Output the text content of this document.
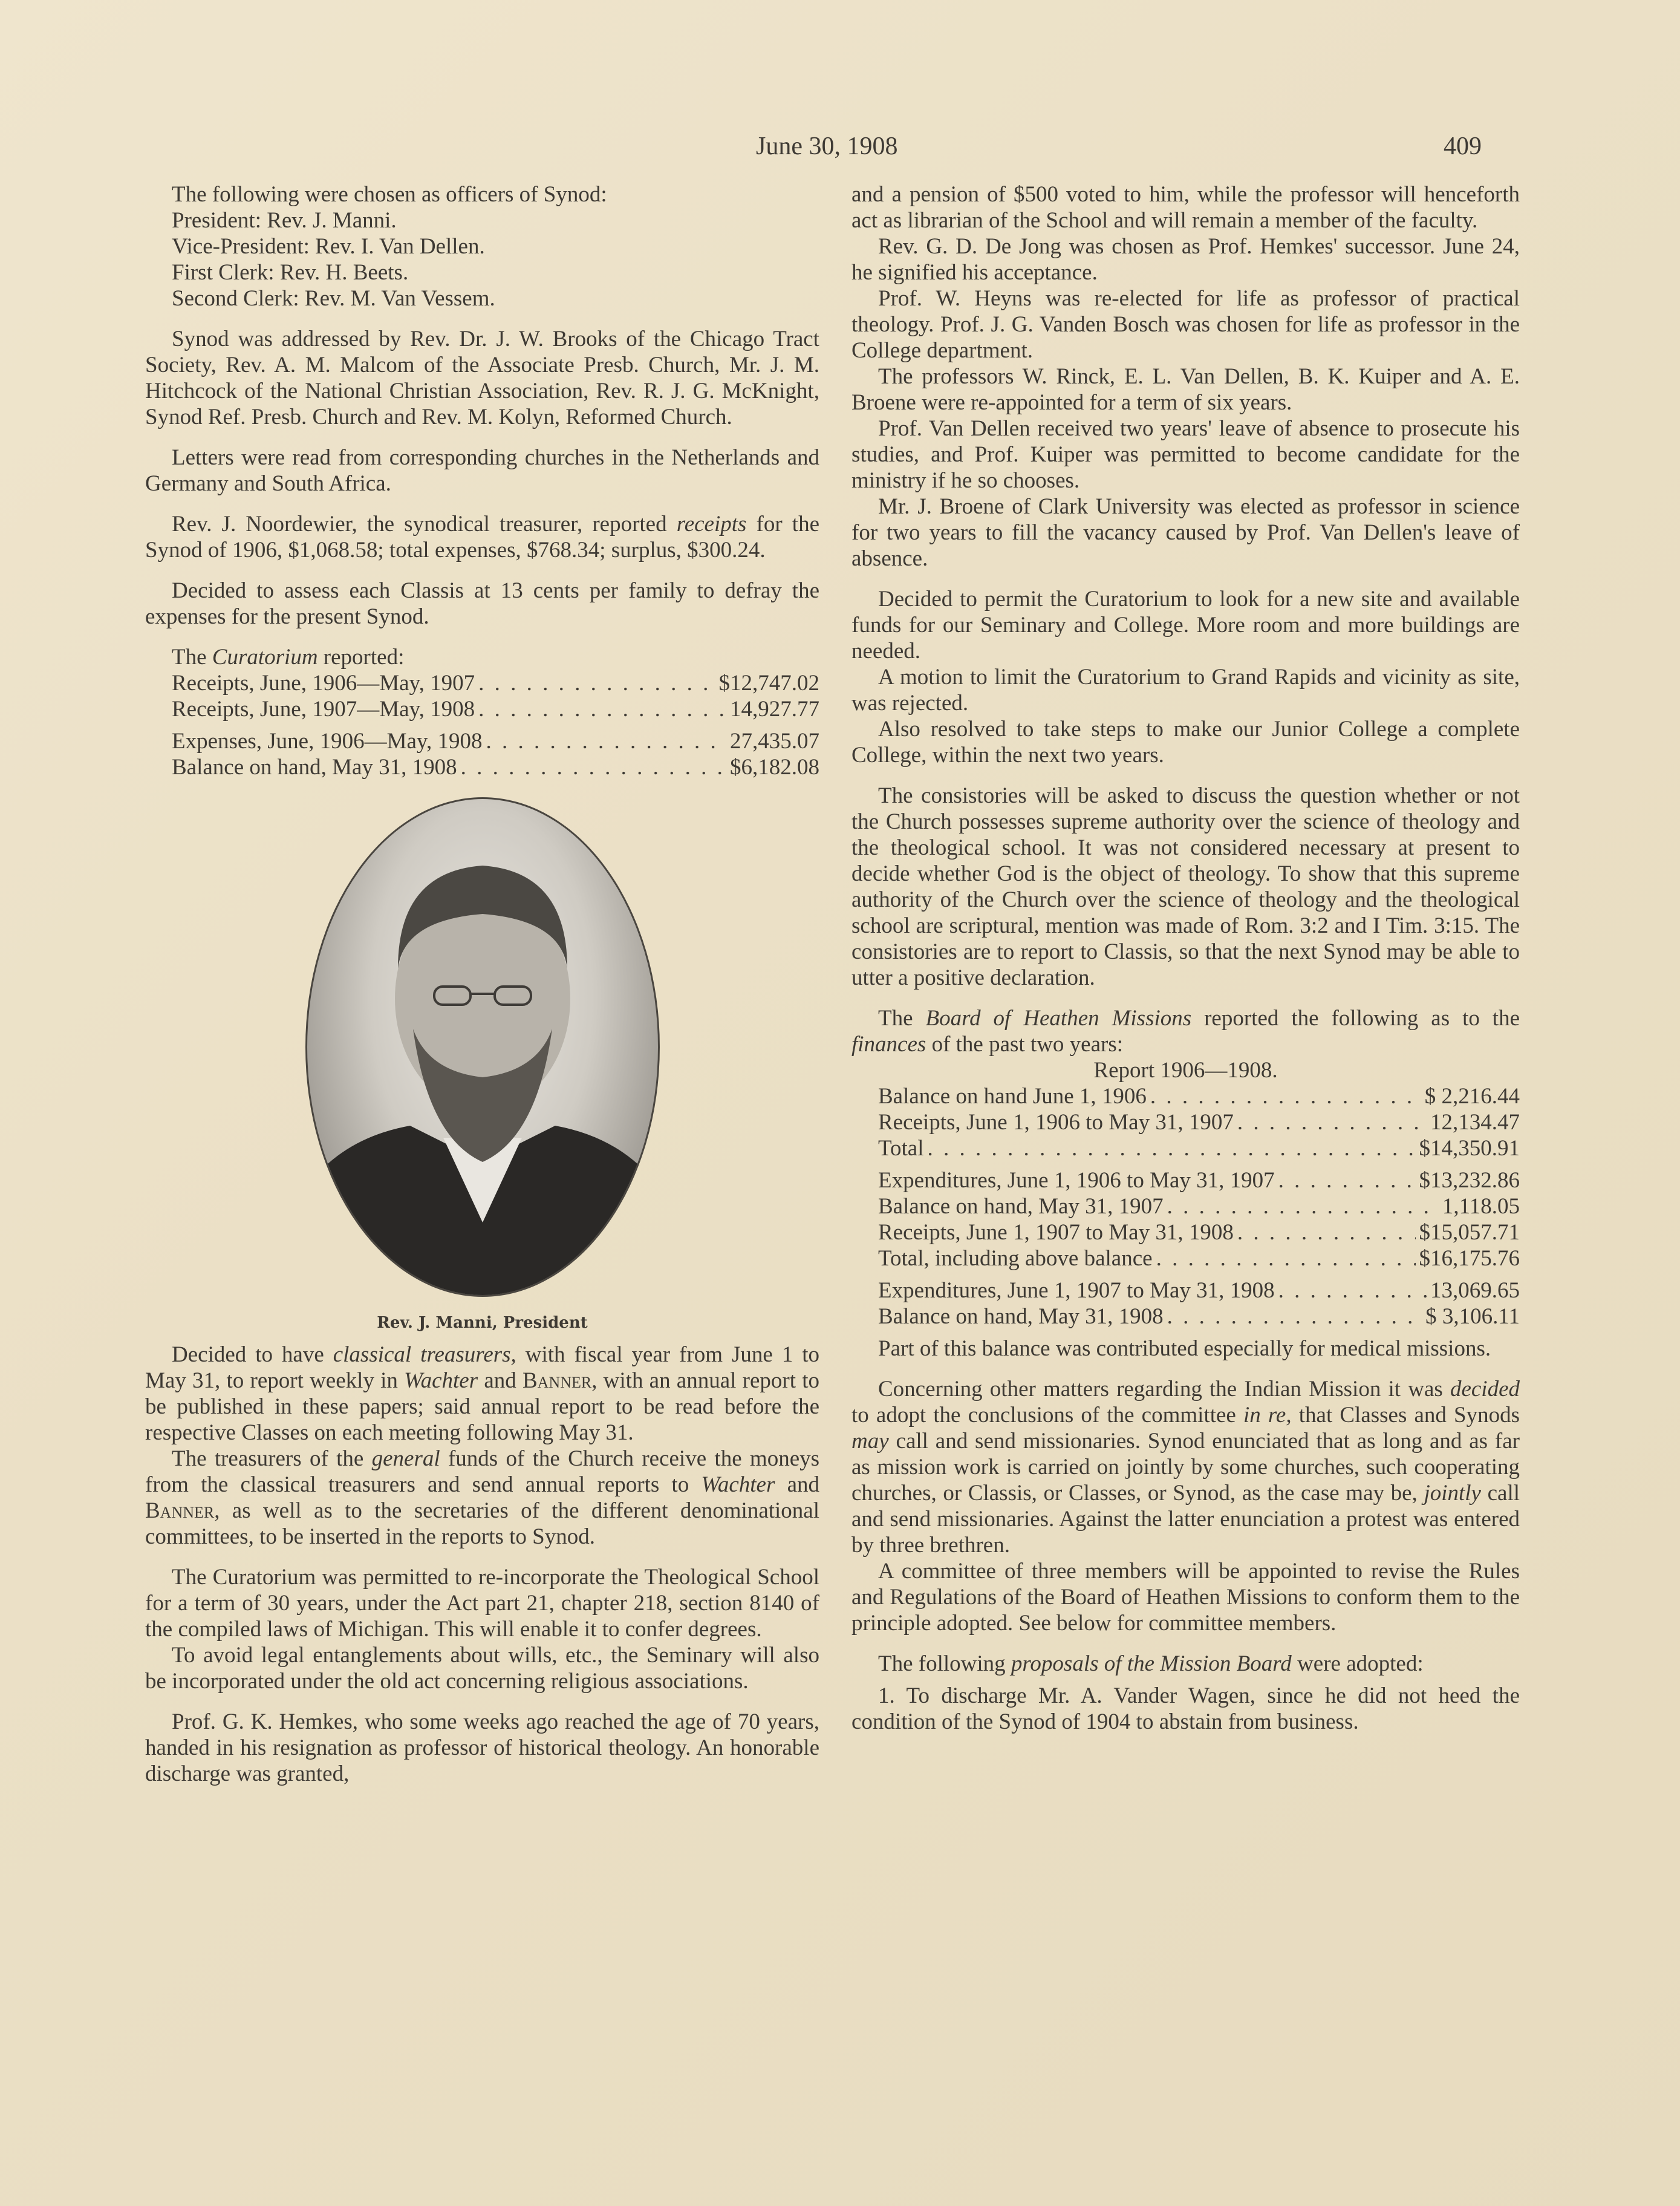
June 30, 1908	409

The following were chosen as officers of Synod:

President: Rev. J. Manni.

Vice-President: Rev. I. Van Dellen.

First Clerk: Rev. H. Beets.

Second Clerk: Rev. M. Van Vessem.

Synod was addressed by Rev. Dr. J. W. Brooks of the Chicago Tract Society, Rev. A. M. Malcom of the Associate Presb. Church, Mr. J. M. Hitchcock of the National Christian Association, Rev. R. J. G. McKnight, Synod Ref. Presb. Church and Rev. M. Kolyn, Reformed Church.

Letters were read from corresponding churches in the Netherlands and Germany and South Africa.

Rev. J. Noordewier, the synodical treasurer, reported receipts for the Synod of 1906, $1,068.58; total expenses, $768.34; surplus, $300.24.

Decided to assess each Classis at 13 cents per family to defray the expenses for the present Synod.

The Curatorium reported:

Receipts, June, 1906—May, 1907 . . .	$12,747.02
Receipts, June, 1907—May, 1908 . . .	14,927.77
Expenses, June, 1906—May, 1908 . . .	27,435.07
Balance on hand, May 31, 1908 . . .	$6,182.08
Rev. J. Manni, President

Decided to have classical treasurers, with fiscal year from June 1 to May 31, to report weekly in Wachter and Banner, with an annual report to be published in these papers; said annual report to be read before the respective Classes on each meeting following May 31.

The treasurers of the general funds of the Church receive the moneys from the classical treasurers and send annual reports to Wachter and Banner, as well as to the secretaries of the different denominational committees, to be inserted in the reports to Synod.

The Curatorium was permitted to re-incorporate the Theological School for a term of 30 years, under the Act part 21, chapter 218, section 8140 of the compiled laws of Michigan. This will enable it to confer degrees.

To avoid legal entanglements about wills, etc., the Seminary will also be incorporated under the old act concerning religious associations.

Prof. G. K. Hemkes, who some weeks ago reached the age of 70 years, handed in his resignation as professor of historical theology. An honorable discharge was granted,

and a pension of $500 voted to him, while the professor will henceforth act as librarian of the School and will remain a member of the faculty.

Rev. G. D. De Jong was chosen as Prof. Hemkes' successor. June 24, he signified his acceptance.

Prof. W. Heyns was re-elected for life as professor of practical theology. Prof. J. G. Vanden Bosch was chosen for life as professor in the College department.

The professors W. Rinck, E. L. Van Dellen, B. K. Kuiper and A. E. Broene were re-appointed for a term of six years.

Prof. Van Dellen received two years' leave of absence to prosecute his studies, and Prof. Kuiper was permitted to become candidate for the ministry if he so chooses.

Mr. J. Broene of Clark University was elected as professor in science for two years to fill the vacancy caused by Prof. Van Dellen's leave of absence.

Decided to permit the Curatorium to look for a new site and available funds for our Seminary and College. More room and more buildings are needed.

A motion to limit the Curatorium to Grand Rapids and vicinity as site, was rejected.

Also resolved to take steps to make our Junior College a complete College, within the next two years.

The consistories will be asked to discuss the question whether or not the Church possesses supreme authority over the science of theology and the theological school. It was not considered necessary at present to decide whether God is the object of theology. To show that this supreme authority of the Church over the science of theology and the theological school are scriptural, mention was made of Rom. 3:2 and I Tim. 3:15. The consistories are to report to Classis, so that the next Synod may be able to utter a positive declaration.

The Board of Heathen Missions reported the following as to the finances of the past two years:

Report 1906—1908.

Balance on hand June 1, 1906 . . .	$ 2,216.44
Receipts, June 1, 1906 to May 31, 1907 . . .	12,134.47
Total . . .	$14,350.91
Expenditures, June 1, 1906 to May 31, 1907 . . .	$13,232.86
Balance on hand, May 31, 1907 . . .	1,118.05
Receipts, June 1, 1907 to May 31, 1908 . . .	$15,057.71
Total, including above balance . . .	$16,175.76
Expenditures, June 1, 1907 to May 31, 1908 . . .	13,069.65
Balance on hand, May 31, 1908 . . .	$ 3,106.11

Part of this balance was contributed especially for medical missions.

Concerning other matters regarding the Indian Mission it was decided to adopt the conclusions of the committee in re, that Classes and Synods may call and send missionaries. Synod enunciated that as long and as far as mission work is carried on jointly by some churches, such cooperating churches, or Classis, or Classes, or Synod, as the case may be, jointly call and send missionaries. Against the latter enunciation a protest was entered by three brethren.

A committee of three members will be appointed to revise the Rules and Regulations of the Board of Heathen Missions to conform them to the principle adopted. See below for committee members.

The following proposals of the Mission Board were adopted:

1. To discharge Mr. A. Vander Wagen, since he did not heed the condition of the Synod of 1904 to abstain from business.
